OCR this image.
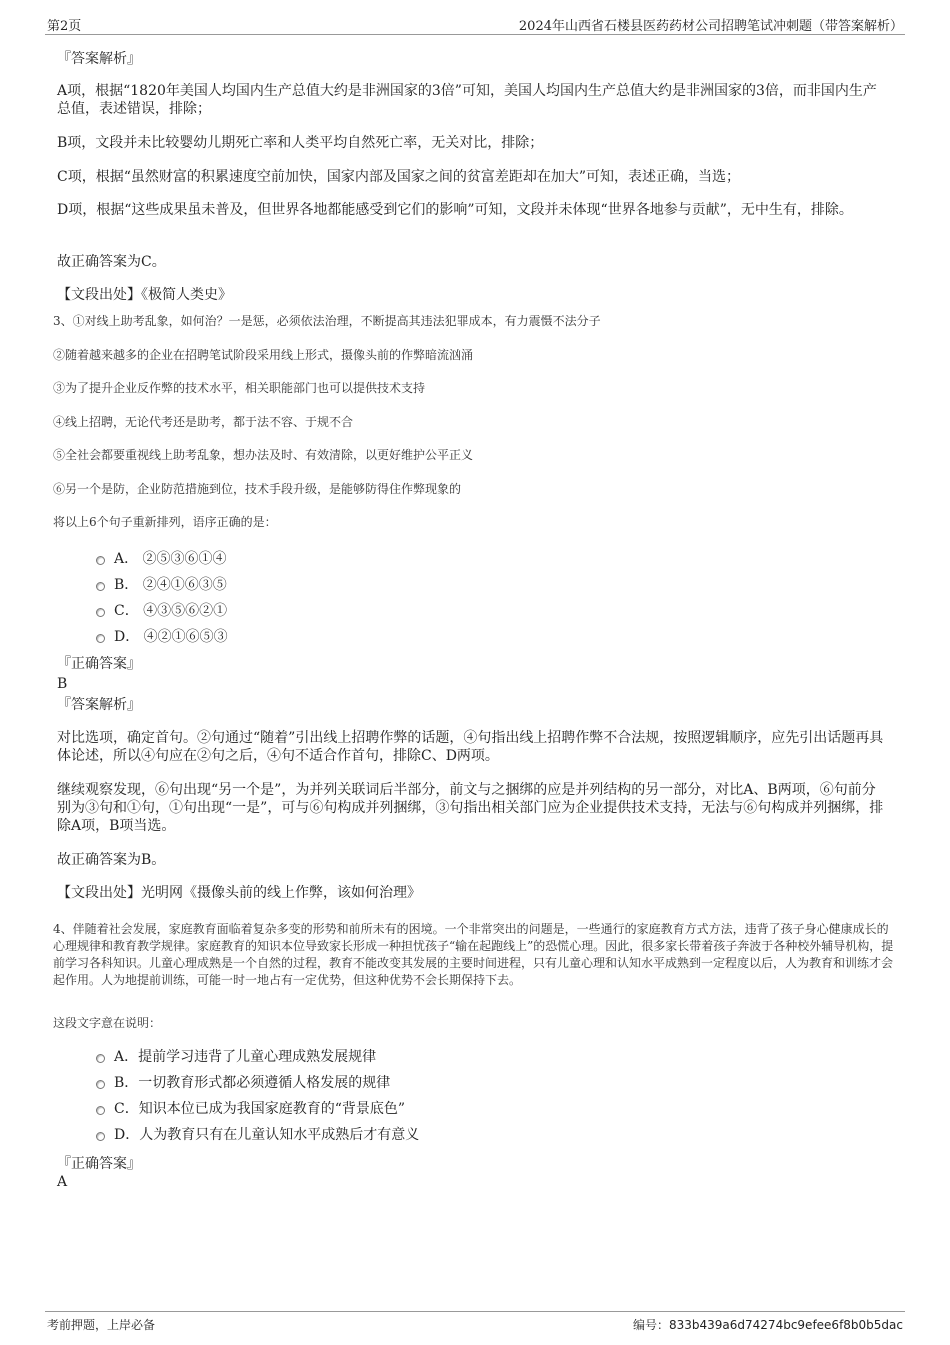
第2页	2024年山西省石楼县医药药材公司招聘笔试冲刺题（带答案解析）

『答案解析』

A项，根据“1820年美国人均国内生产总值大约是非洲国家的3倍”可知，美国人均国内生产总值大约是非洲国家的3倍，而非国内生产总值，表述错误，排除；

B项，文段并未比较婴幼儿期死亡率和人类平均自然死亡率，无关对比，排除；

C项，根据“虽然财富的积累速度空前加快，国家内部及国家之间的贫富差距却在加大”可知，表述正确，当选；

D项，根据“这些成果虽未普及，但世界各地都能感受到它们的影响”可知，文段并未体现“世界各地参与贡献”，无中生有，排除。

故正确答案为C。

【文段出处】《极简人类史》

3、①对线上助考乱象，如何治？一是惩，必须依法治理，不断提高其违法犯罪成本，有力震慑不法分子

②随着越来越多的企业在招聘笔试阶段采用线上形式，摄像头前的作弊暗流汹涌

③为了提升企业反作弊的技术水平，相关职能部门也可以提供技术支持

④线上招聘，无论代考还是助考，都于法不容、于规不合

⑤全社会都要重视线上助考乱象，想办法及时、有效清除，以更好维护公平正义

⑥另一个是防，企业防范措施到位，技术手段升级，是能够防得住作弊现象的

将以上6个句子重新排列，语序正确的是：

A． ②⑤③⑥①④
B． ②④①⑥③⑤
C． ④③⑤⑥②①
D． ④②①⑥⑤③

『正确答案』

B

『答案解析』

对比选项，确定首句。②句通过“随着”引出线上招聘作弊的话题，④句指出线上招聘作弊不合法规，按照逻辑顺序，应先引出话题再具体论述，所以④句应在②句之后，④句不适合作首句，排除C、D两项。

继续观察发现，⑥句出现“另一个是”，为并列关联词后半部分，前文与之捆绑的应是并列结构的另一部分，对比A、B两项，⑥句前分别为③句和①句，①句出现“一是”，可与⑥句构成并列捆绑，③句指出相关部门应为企业提供技术支持，无法与⑥句构成并列捆绑，排除A项，B项当选。

故正确答案为B。

【文段出处】光明网《摄像头前的线上作弊，该如何治理》

4、伴随着社会发展，家庭教育面临着复杂多变的形势和前所未有的困境。一个非常突出的问题是，一些通行的家庭教育方式方法，违背了孩子身心健康成长的心理规律和教育教学规律。家庭教育的知识本位导致家长形成一种担忧孩子“输在起跑线上”的恐慌心理。因此，很多家长带着孩子奔波于各种校外辅导机构，提前学习各科知识。儿童心理成熟是一个自然的过程，教育不能改变其发展的主要时间进程，只有儿童心理和认知水平成熟到一定程度以后，人为教育和训练才会起作用。人为地提前训练，可能一时一地占有一定优势，但这种优势不会长期保持下去。

这段文字意在说明：

A．提前学习违背了儿童心理成熟发展规律
B．一切教育形式都必须遵循人格发展的规律
C．知识本位已成为我国家庭教育的“背景底色”
D．人为教育只有在儿童认知水平成熟后才有意义

『正确答案』

A

考前押题，上岸必备	编号：833b439a6d74274bc9efee6f8b0b5dac
